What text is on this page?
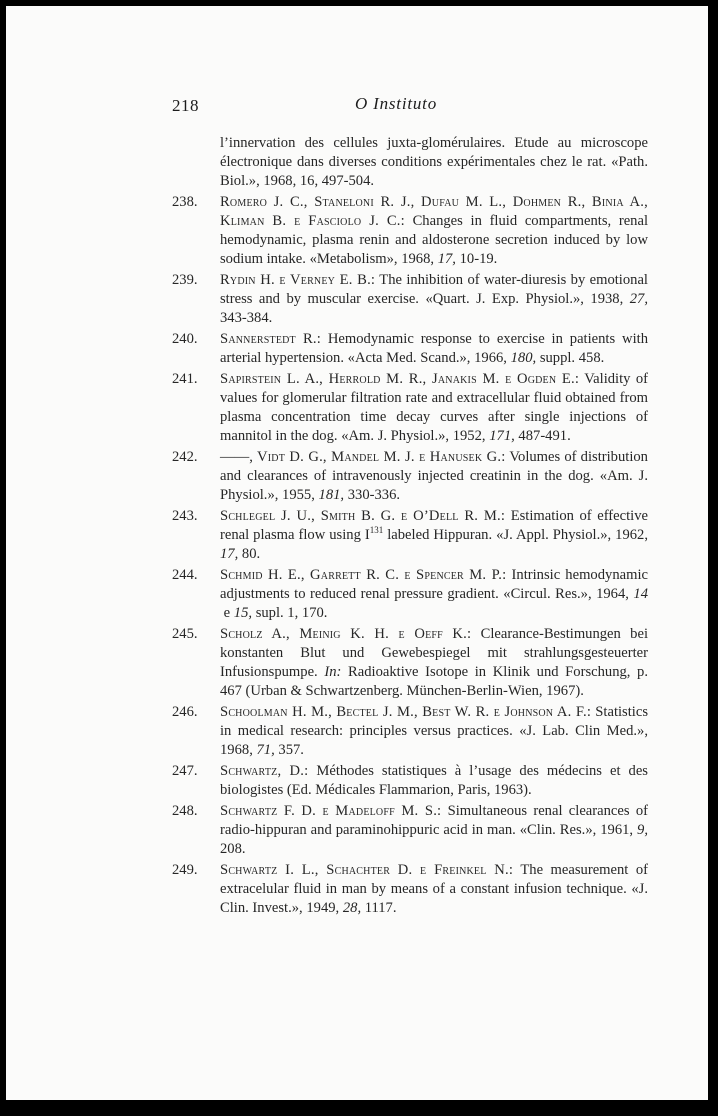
218	O Instituto
l’innervation des cellules juxta-glomérulaires. Etude au microscope électronique dans diverses conditions expérimentales chez le rat. «Path. Biol.», 1968, 16, 497-504.
238.	Romero J. C., Staneloni R. J., Dufau M. L., Dohmen R., Binia A., Kliman B. e Fasciolo J. C.: Changes in fluid compartments, renal hemodynamic, plasma renin and aldosterone secretion induced by low sodium intake. «Metabolism», 1968, 17, 10-19.
239.	Rydin H. e Verney E. B.: The inhibition of water-diuresis by emotional stress and by muscular exercise. «Quart. J. Exp. Physiol.», 1938, 27, 343-384.
240.	Sannerstedt R.: Hemodynamic response to exercise in patients with arterial hypertension. «Acta Med. Scand.», 1966, 180, suppl. 458.
241.	Sapirstein L. A., Herrold M. R., Janakis M. e Ogden E.: Validity of values for glomerular filtration rate and extracellular fluid obtained from plasma concentration time decay curves after single injections of mannitol in the dog. «Am. J. Physiol.», 1952, 171, 487-491.
242.	——, Vidt D. G., Mandel M. J. e Hanusek G.: Volumes of distribution and clearances of intravenously injected creatinin in the dog. «Am. J. Physiol.», 1955, 181, 330-336.
243.	Schlegel J. U., Smith B. G. e O’Dell R. M.: Estimation of effective renal plasma flow using $I^{131}$ labeled Hippuran. «J. Appl. Physiol.», 1962, 17, 80.
244.	Schmid H. E., Garrett R. C. e Spencer M. P.: Intrinsic hemodynamic adjustments to reduced renal pressure gradient. «Circul. Res.», 1964, 14 e 15, supl. 1, 170.
245.	Scholz A., Meinig K. H. e Oeff K.: Clearance-Bestimungen bei konstanten Blut und Gewebespiegel mit strahlungsgesteuerter Infusionspumpe. In: Radioaktive Isotope in Klinik und Forschung, p. 467 (Urban & Schwartzenberg. München-Berlin-Wien, 1967).
246.	Schoolman H. M., Bectel J. M., Best W. R. e Johnson A. F.: Statistics in medical research: principles versus practices. «J. Lab. Clin Med.», 1968, 71, 357.
247.	Schwartz, D.: Méthodes statistiques à l’usage des médecins et des biologistes (Ed. Médicales Flammarion, Paris, 1963).
248.	Schwartz F. D. e Madeloff M. S.: Simultaneous renal clearances of radio-hippuran and paraminohippuric acid in man. «Clin. Res.», 1961, 9, 208.
249.	Schwartz I. L., Schachter D. e Freinkel N.: The measurement of extracelular fluid in man by means of a constant infusion technique. «J. Clin. Invest.», 1949, 28, 1117.
